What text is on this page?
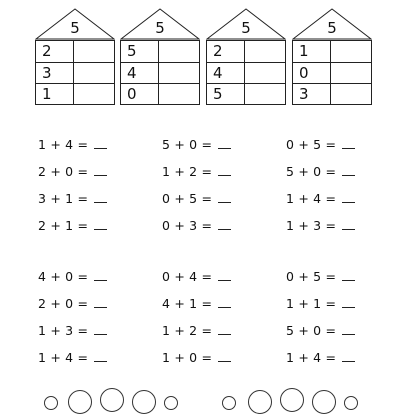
5
2
3
1
5
5
4
0
5
2
4
5
5
1
0
3
1 + 4 =
2 + 0 =
3 + 1 =
2 + 1 =
5 + 0 =
1 + 2 =
0 + 5 =
0 + 3 =
0 + 5 =
5 + 0 =
1 + 4 =
1 + 3 =
4 + 0 =
2 + 0 =
1 + 3 =
1 + 4 =
0 + 4 =
4 + 1 =
1 + 2 =
1 + 0 =
0 + 5 =
1 + 1 =
5 + 0 =
1 + 4 =
